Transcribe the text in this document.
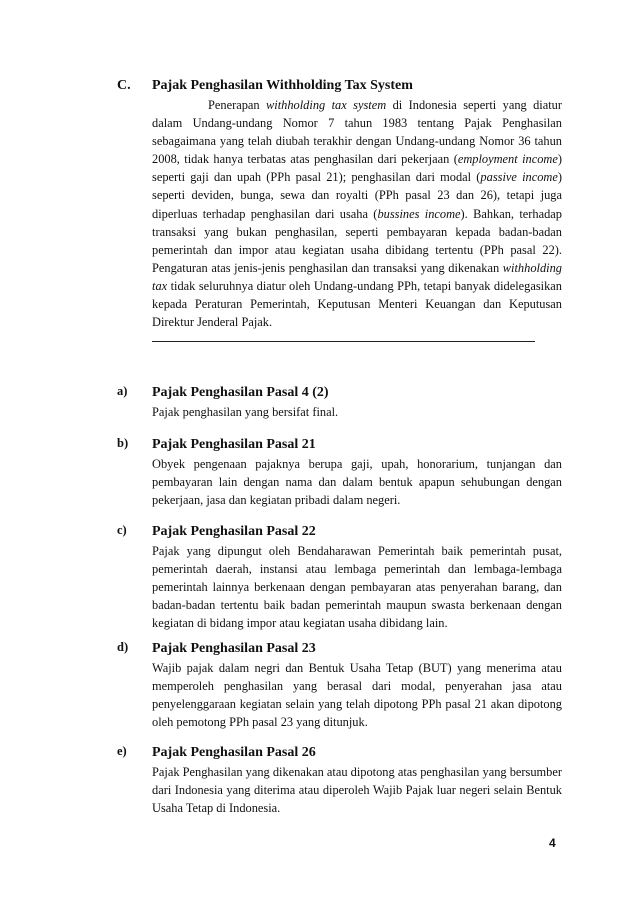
C. Pajak Penghasilan Withholding Tax System
Penerapan withholding tax system di Indonesia seperti yang diatur dalam Undang-undang Nomor 7 tahun 1983 tentang Pajak Penghasilan sebagaimana yang telah diubah terakhir dengan Undang-undang Nomor 36 tahun 2008, tidak hanya terbatas atas penghasilan dari pekerjaan (employment income) seperti gaji dan upah (PPh pasal 21); penghasilan dari modal (passive income) seperti deviden, bunga, sewa dan royalti (PPh pasal 23 dan 26), tetapi juga diperluas terhadap penghasilan dari usaha (bussines income). Bahkan, terhadap transaksi yang bukan penghasilan, seperti pembayaran kepada badan-badan pemerintah dan impor atau kegiatan usaha dibidang tertentu (PPh pasal 22). Pengaturan atas jenis-jenis penghasilan dan transaksi yang dikenakan withholding tax tidak seluruhnya diatur oleh Undang-undang PPh, tetapi banyak didelegasikan kepada Peraturan Pemerintah, Keputusan Menteri Keuangan dan Keputusan Direktur Jenderal Pajak.
a) Pajak Penghasilan Pasal 4 (2)
Pajak penghasilan yang bersifat final.
b) Pajak Penghasilan Pasal 21
Obyek pengenaan pajaknya berupa gaji, upah, honorarium, tunjangan dan pembayaran lain dengan nama dan dalam bentuk apapun sehubungan dengan pekerjaan, jasa dan kegiatan pribadi dalam negeri.
c) Pajak Penghasilan Pasal 22
Pajak yang dipungut oleh Bendaharawan Pemerintah baik pemerintah pusat, pemerintah daerah, instansi atau lembaga pemerintah dan lembaga-lembaga pemerintah lainnya berkenaan dengan pembayaran atas penyerahan barang, dan badan-badan tertentu baik badan pemerintah maupun swasta berkenaan dengan kegiatan di bidang impor atau kegiatan usaha dibidang lain.
d) Pajak Penghasilan Pasal 23
Wajib pajak dalam negri dan Bentuk Usaha Tetap (BUT) yang menerima atau memperoleh penghasilan yang berasal dari modal, penyerahan jasa atau penyelenggaraan kegiatan selain yang telah dipotong PPh pasal 21 akan dipotong oleh pemotong PPh pasal 23 yang ditunjuk.
e) Pajak Penghasilan Pasal 26
Pajak Penghasilan yang dikenakan atau dipotong atas penghasilan yang bersumber dari Indonesia yang diterima atau diperoleh Wajib Pajak luar negeri selain Bentuk Usaha Tetap di Indonesia.
4
